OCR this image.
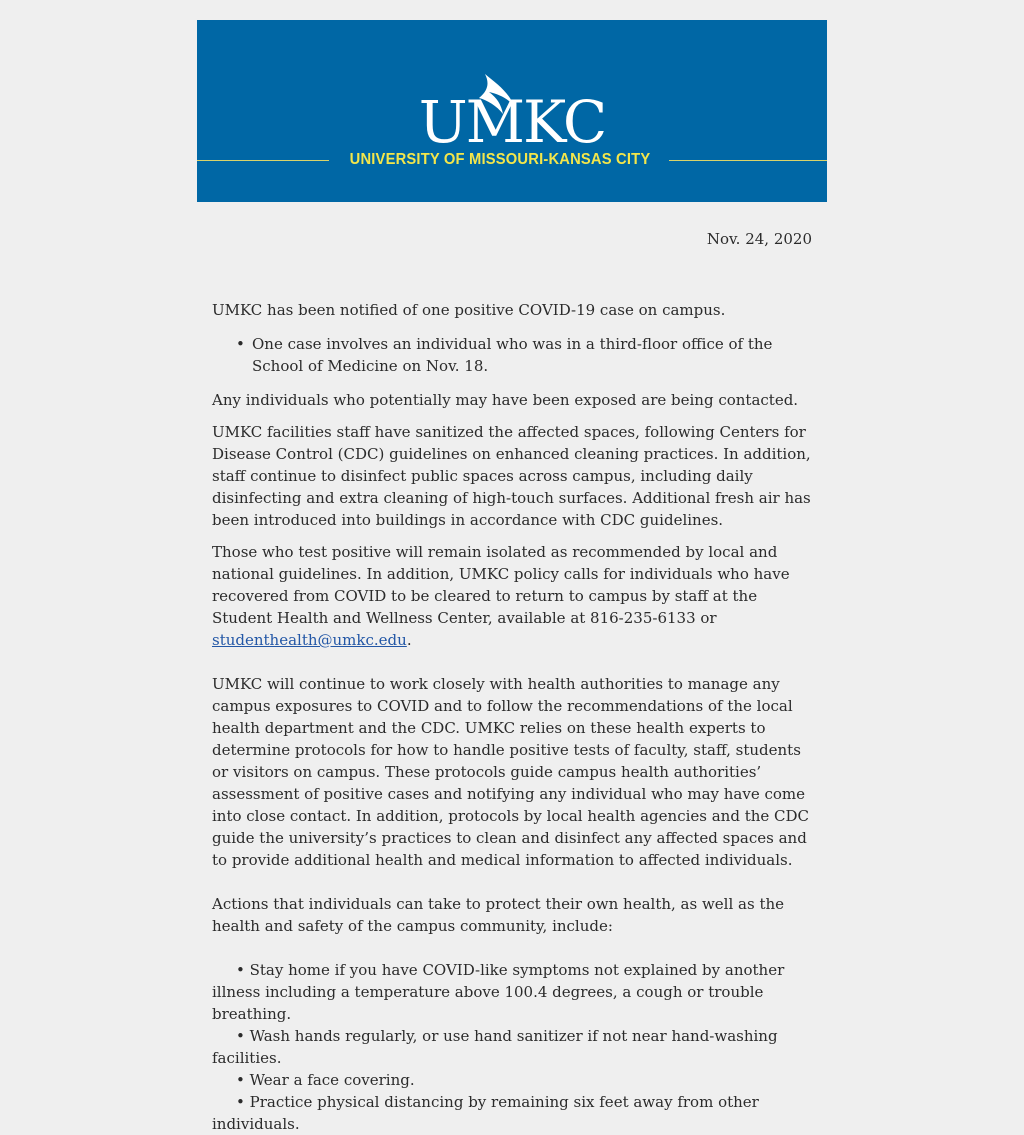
UMKC
UNIVERSITY OF MISSOURI-KANSAS CITY
Nov. 24, 2020

UMKC has been notified of one positive COVID-19 case on campus.

• One case involves an individual who was in a third-floor office of the School of Medicine on Nov. 18.

Any individuals who potentially may have been exposed are being contacted.

UMKC facilities staff have sanitized the affected spaces, following Centers for Disease Control (CDC) guidelines on enhanced cleaning practices. In addition, staff continue to disinfect public spaces across campus, including daily disinfecting and extra cleaning of high-touch surfaces. Additional fresh air has been introduced into buildings in accordance with CDC guidelines.

Those who test positive will remain isolated as recommended by local and national guidelines. In addition, UMKC policy calls for individuals who have recovered from COVID to be cleared to return to campus by staff at the Student Health and Wellness Center, available at 816-235-6133 or studenthealth@umkc.edu.

UMKC will continue to work closely with health authorities to manage any campus exposures to COVID and to follow the recommendations of the local health department and the CDC. UMKC relies on these health experts to determine protocols for how to handle positive tests of faculty, staff, students or visitors on campus. These protocols guide campus health authorities’ assessment of positive cases and notifying any individual who may have come into close contact. In addition, protocols by local health agencies and the CDC guide the university’s practices to clean and disinfect any affected spaces and to provide additional health and medical information to affected individuals.

Actions that individuals can take to protect their own health, as well as the health and safety of the campus community, include:

• Stay home if you have COVID-like symptoms not explained by another illness including a temperature above 100.4 degrees, a cough or trouble breathing.

• Wash hands regularly, or use hand sanitizer if not near hand-washing facilities.

• Wear a face covering.

• Practice physical distancing by remaining six feet away from other individuals.
